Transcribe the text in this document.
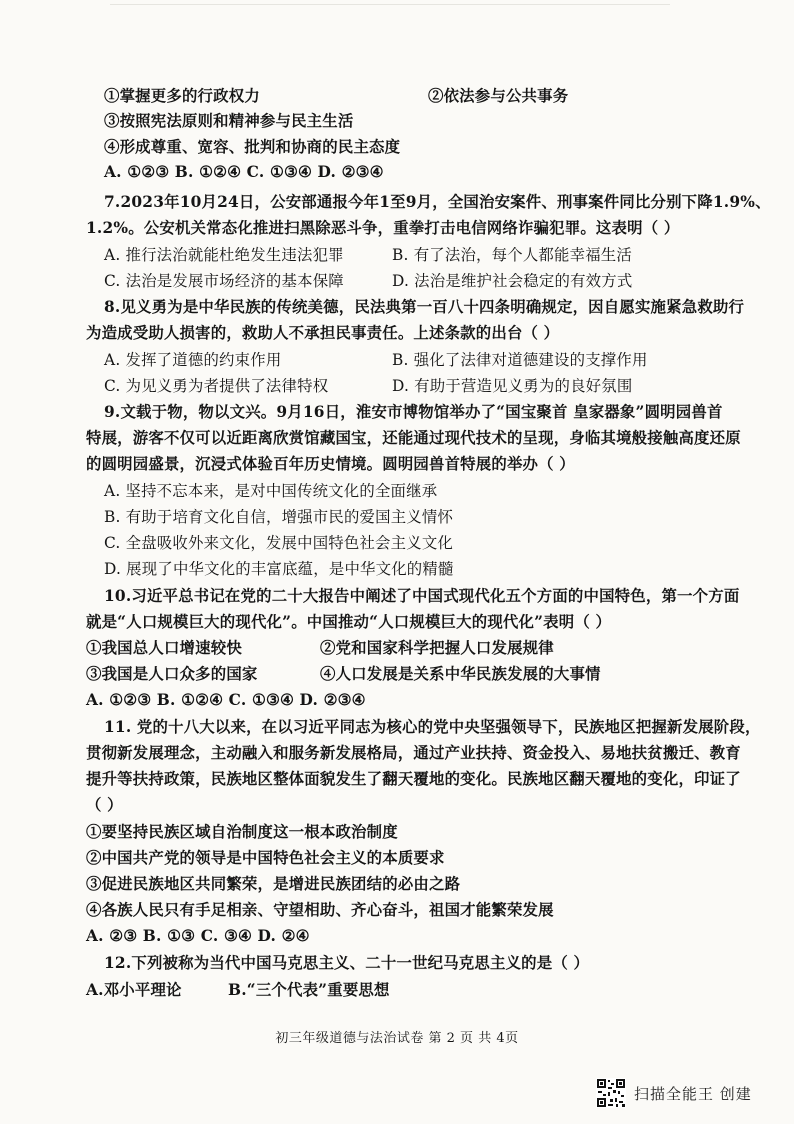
①掌握更多的行政权力	②依法参与公共事务
③按照宪法原则和精神参与民主生活
④形成尊重、宽容、批判和协商的民主态度
A. ①②③ B. ①②④ C. ①③④ D. ②③④
7.2023年10月24日，公安部通报今年1至9月，全国治安案件、刑事案件同比分别下降1.9%、
1.2%。公安机关常态化推进扫黑除恶斗争，重拳打击电信网络诈骗犯罪。这表明（ ）
A. 推行法治就能杜绝发生违法犯罪	B. 有了法治，每个人都能幸福生活
C. 法治是发展市场经济的基本保障	D. 法治是维护社会稳定的有效方式
8.见义勇为是中华民族的传统美德，民法典第一百八十四条明确规定，因自愿实施紧急救助行
为造成受助人损害的，救助人不承担民事责任。上述条款的出台（ ）
A. 发挥了道德的约束作用	B. 强化了法律对道德建设的支撑作用
C. 为见义勇为者提供了法律特权	D. 有助于营造见义勇为的良好氛围
9.文载于物，物以文兴。9月16日，淮安市博物馆举办了“国宝聚首 皇家器象”圆明园兽首
特展，游客不仅可以近距离欣赏馆藏国宝，还能通过现代技术的呈现，身临其境般接触高度还原
的圆明园盛景，沉浸式体验百年历史情境。圆明园兽首特展的举办（ ）
A. 坚持不忘本来，是对中国传统文化的全面继承
B. 有助于培育文化自信，增强市民的爱国主义情怀
C. 全盘吸收外来文化，发展中国特色社会主义文化
D. 展现了中华文化的丰富底蕴，是中华文化的精髓
10.习近平总书记在党的二十大报告中阐述了中国式现代化五个方面的中国特色，第一个方面
就是“人口规模巨大的现代化”。中国推动“人口规模巨大的现代化”表明（ ）
①我国总人口增速较快	②党和国家科学把握人口发展规律
③我国是人口众多的国家	④人口发展是关系中华民族发展的大事情
A. ①②③ B. ①②④ C. ①③④ D. ②③④
11. 党的十八大以来，在以习近平同志为核心的党中央坚强领导下，民族地区把握新发展阶段，
贯彻新发展理念，主动融入和服务新发展格局，通过产业扶持、资金投入、易地扶贫搬迁、教育
提升等扶持政策，民族地区整体面貌发生了翻天覆地的变化。民族地区翻天覆地的变化，印证了
（ ）
①要坚持民族区域自治制度这一根本政治制度
②中国共产党的领导是中国特色社会主义的本质要求
③促进民族地区共同繁荣，是增进民族团结的必由之路
④各族人民只有手足相亲、守望相助、齐心奋斗，祖国才能繁荣发展
A. ②③ B. ①③ C. ③④ D. ②④
12.下列被称为当代中国马克思主义、二十一世纪马克思主义的是（ ）
A.邓小平理论	B.“三个代表”重要思想
初三年级道德与法治试卷 第 2 页 共 4页
扫描全能王 创建
